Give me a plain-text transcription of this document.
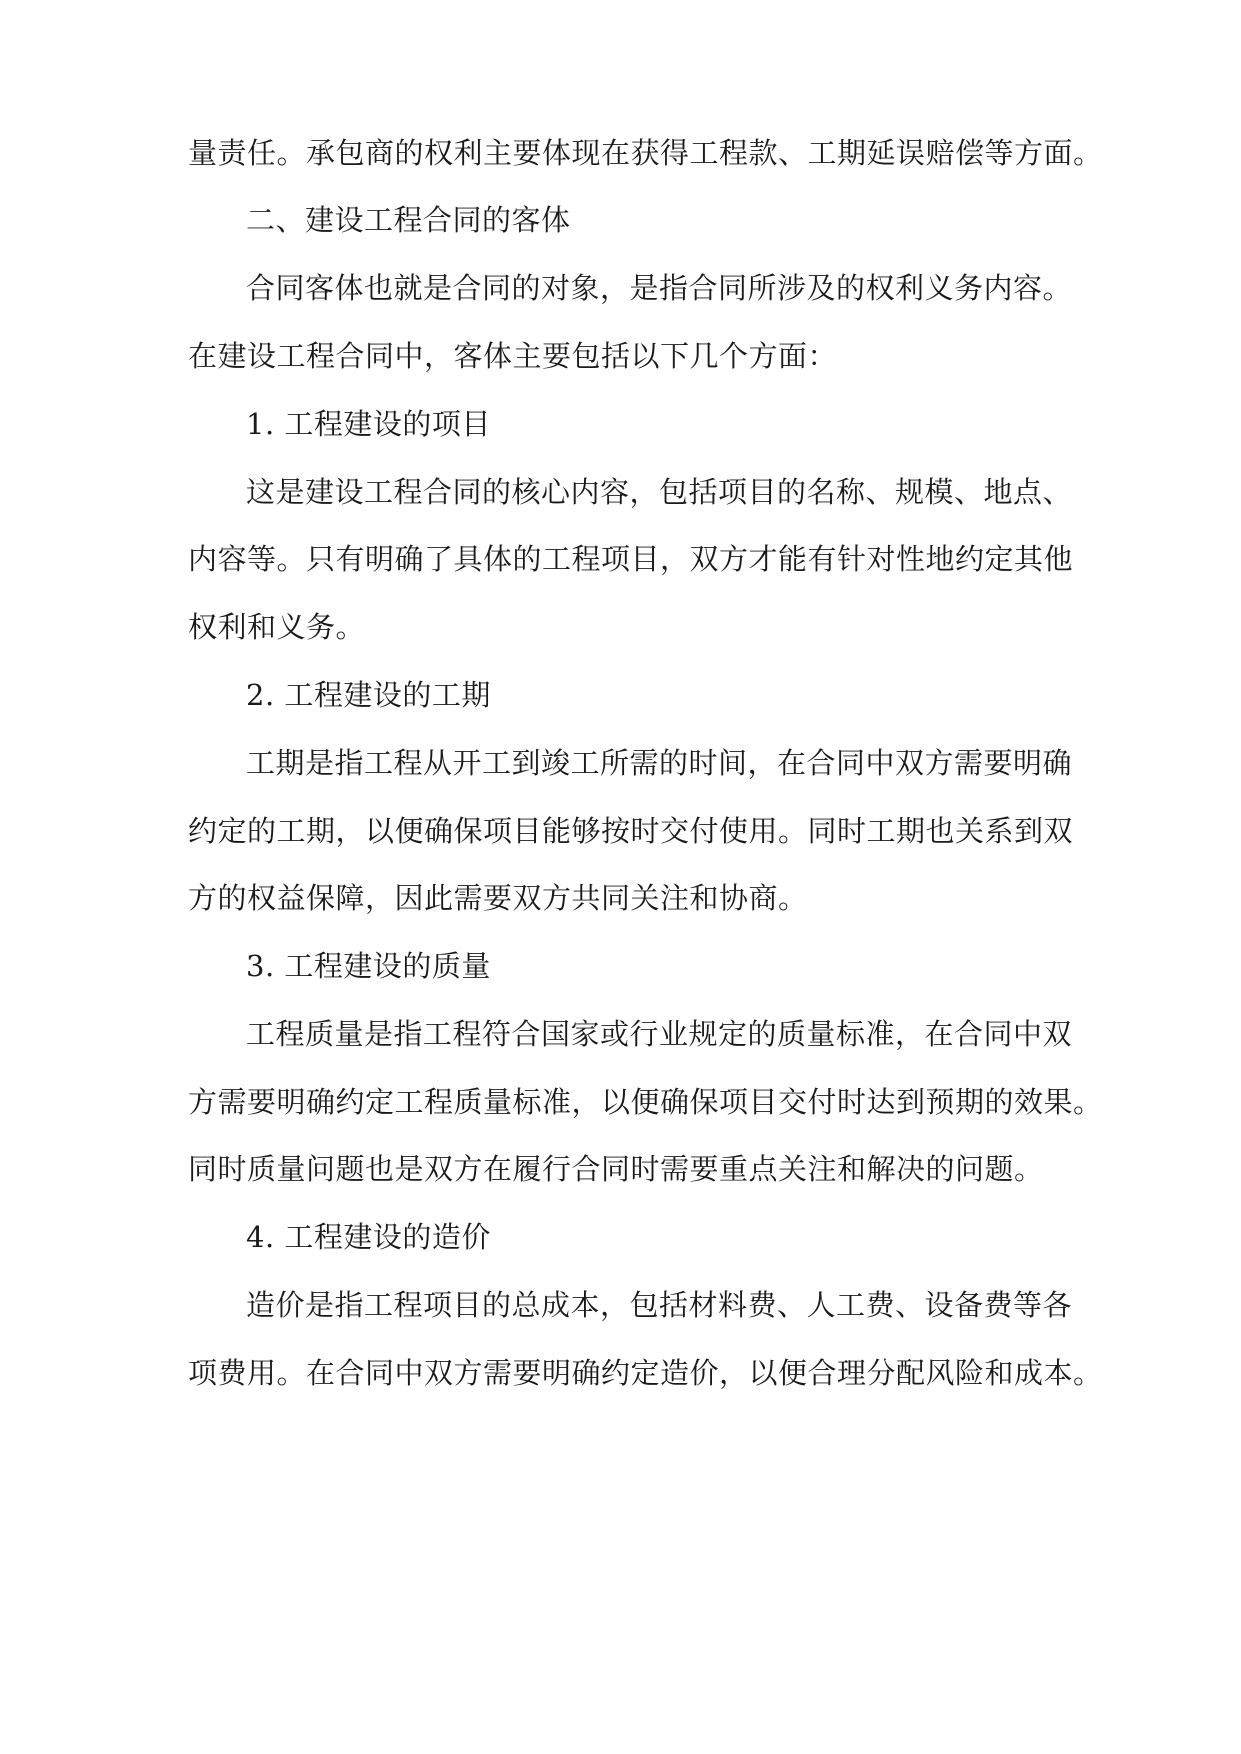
量责任。承包商的权利主要体现在获得工程款、工期延误赔偿等方面。
二、建设工程合同的客体
合同客体也就是合同的对象，是指合同所涉及的权利义务内容。
在建设工程合同中，客体主要包括以下几个方面：
1. 工程建设的项目
这是建设工程合同的核心内容，包括项目的名称、规模、地点、
内容等。只有明确了具体的工程项目，双方才能有针对性地约定其他
权利和义务。
2. 工程建设的工期
工期是指工程从开工到竣工所需的时间，在合同中双方需要明确
约定的工期，以便确保项目能够按时交付使用。同时工期也关系到双
方的权益保障，因此需要双方共同关注和协商。
3. 工程建设的质量
工程质量是指工程符合国家或行业规定的质量标准，在合同中双
方需要明确约定工程质量标准，以便确保项目交付时达到预期的效果。
同时质量问题也是双方在履行合同时需要重点关注和解决的问题。
4. 工程建设的造价
造价是指工程项目的总成本，包括材料费、人工费、设备费等各
项费用。在合同中双方需要明确约定造价，以便合理分配风险和成本。
